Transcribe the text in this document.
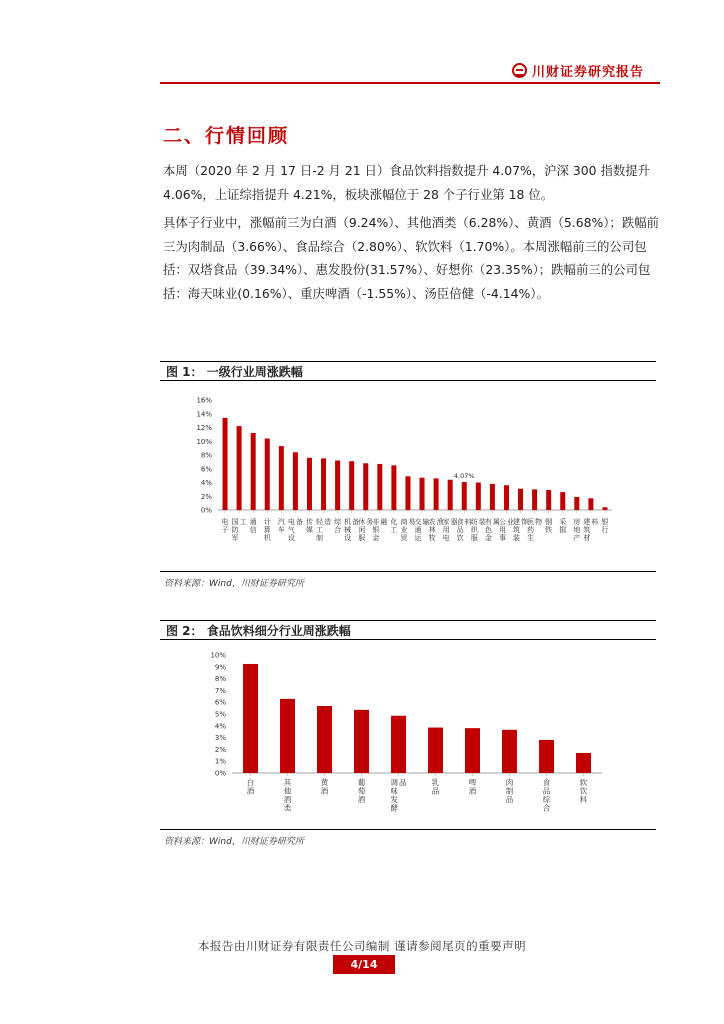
川财证券研究报告
二、行情回顾

本周（2020 年 2 月 17 日-2 月 21 日）食品饮料指数提升 4.07%，沪深 300 指数提升 4.06%，上证综指提升 4.21%，板块涨幅位于 28 个子行业第 18 位。

具体子行业中，涨幅前三为白酒（9.24%）、其他酒类（6.28%）、黄酒（5.68%）；跌幅前三为肉制品（3.66%）、食品综合（2.80%）、软饮料（1.70%）。本周涨幅前三的公司包括：双塔食品（39.34%）、惠发股份(31.57%）、好想你（23.35%）；跌幅前三的公司包括：海天味业(0.16%）、重庆啤酒（-1.55%）、汤臣倍健（-4.14%）。

图 1： 一级行业周涨跌幅
0%
2%
4%
6%
8%
10%
12%
14%
16%
电子
国防军工 通信
计算机
汽车
电气设备 传媒
轻工制造 综合
机械设备 休闲服务 非银金融 化工
商业贸易 交通运输 农林牧渔 家用电器 食品饮料 纺织服装 有色金属 公用事业 建筑装饰 医药生物 钢铁
采掘
房地产
建筑材料 银行
4.07%
资料来源：Wind，川财证券研究所
图 2： 食品饮料细分行业周涨跌幅
0%
1%
2%
3%
4%
5%
6%
7%
8%
9%
10%
白酒
其他酒类
黄酒
葡萄酒
调味发酵品	乳品
啤酒
肉制品
食品综合
软饮料
资料来源：Wind，川财证券研究所
本报告由川财证券有限责任公司编制 谨请参阅尾页的重要声明
4/14
